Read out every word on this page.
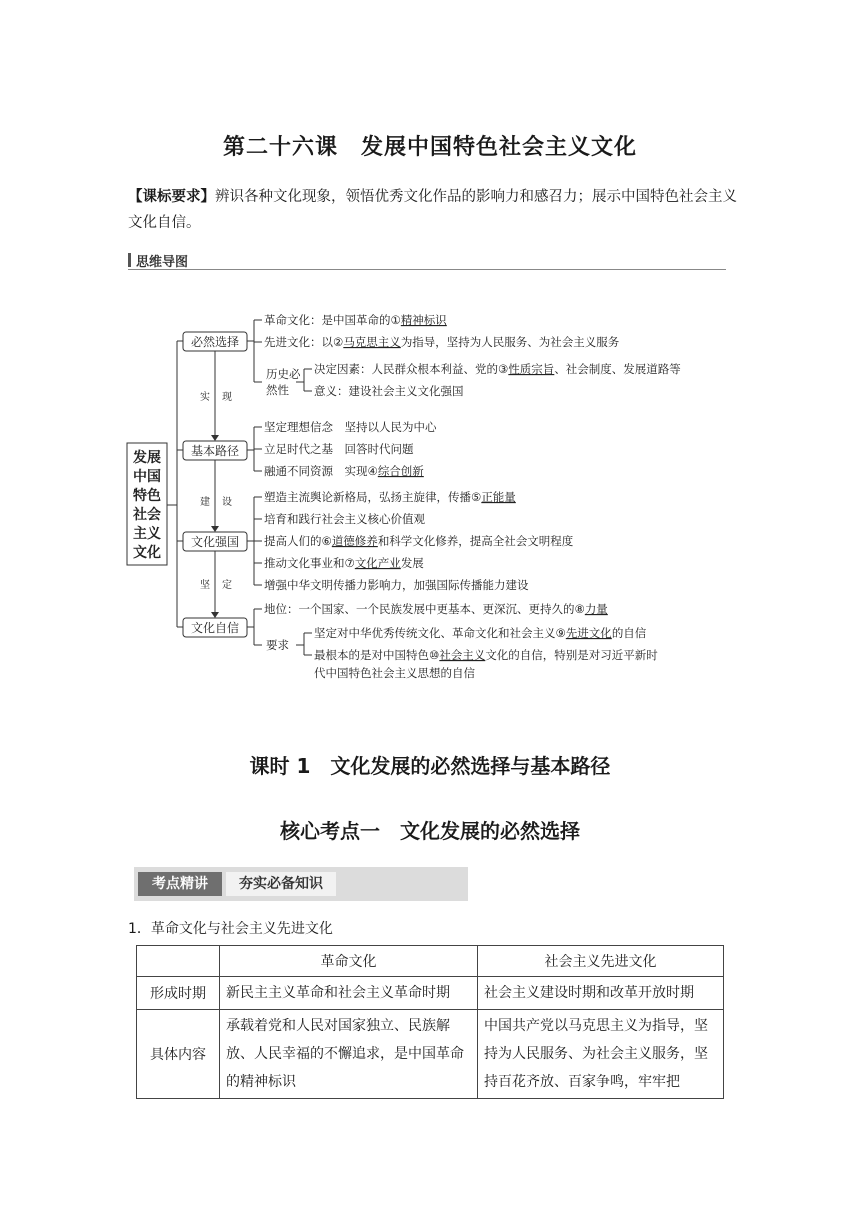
第二十六课　发展中国特色社会主义文化
【课标要求】辨识各种文化现象，领悟优秀文化作品的影响力和感召力；展示中国特色社会主义文化自信。
思维导图
发展
中国
特色
社会
主义
文化
必然选择
基本路径
文化强国
文化自信
实 现
建 设
坚 定
革命文化：是中国革命的①精神标识
先进文化：以②马克思主义为指导，坚持为人民服务、为社会主义服务
历史必
然性
决定因素：人民群众根本利益、党的③性质宗旨、社会制度、发展道路等
意义：建设社会主义文化强国
坚定理想信念　坚持以人民为中心
立足时代之基　回答时代问题
融通不同资源　实现④综合创新
塑造主流舆论新格局，弘扬主旋律，传播⑤正能量
培育和践行社会主义核心价值观
提高人们的⑥道德修养和科学文化修养，提高全社会文明程度
推动文化事业和⑦文化产业发展
增强中华文明传播力影响力，加强国际传播能力建设
地位：一个国家、一个民族发展中更基本、更深沉、更持久的⑧力量
要求
坚定对中华优秀传统文化、革命文化和社会主义⑨先进文化的自信
最根本的是对中国特色⑩社会主义文化的自信，特别是对习近平新时
代中国特色社会主义思想的自信
课时 1　文化发展的必然选择与基本路径
核心考点一　文化发展的必然选择
考点精讲	夯实必备知识
1．革命文化与社会主义先进文化
	革命文化	社会主义先进文化
形成时期	新民主主义革命和社会主义革命时期	社会主义建设时期和改革开放时期
具体内容	承载着党和人民对国家独立、民族解放、人民幸福的不懈追求，是中国革命的精神标识	中国共产党以马克思主义为指导，坚持为人民服务、为社会主义服务，坚持百花齐放、百家争鸣，牢牢把
